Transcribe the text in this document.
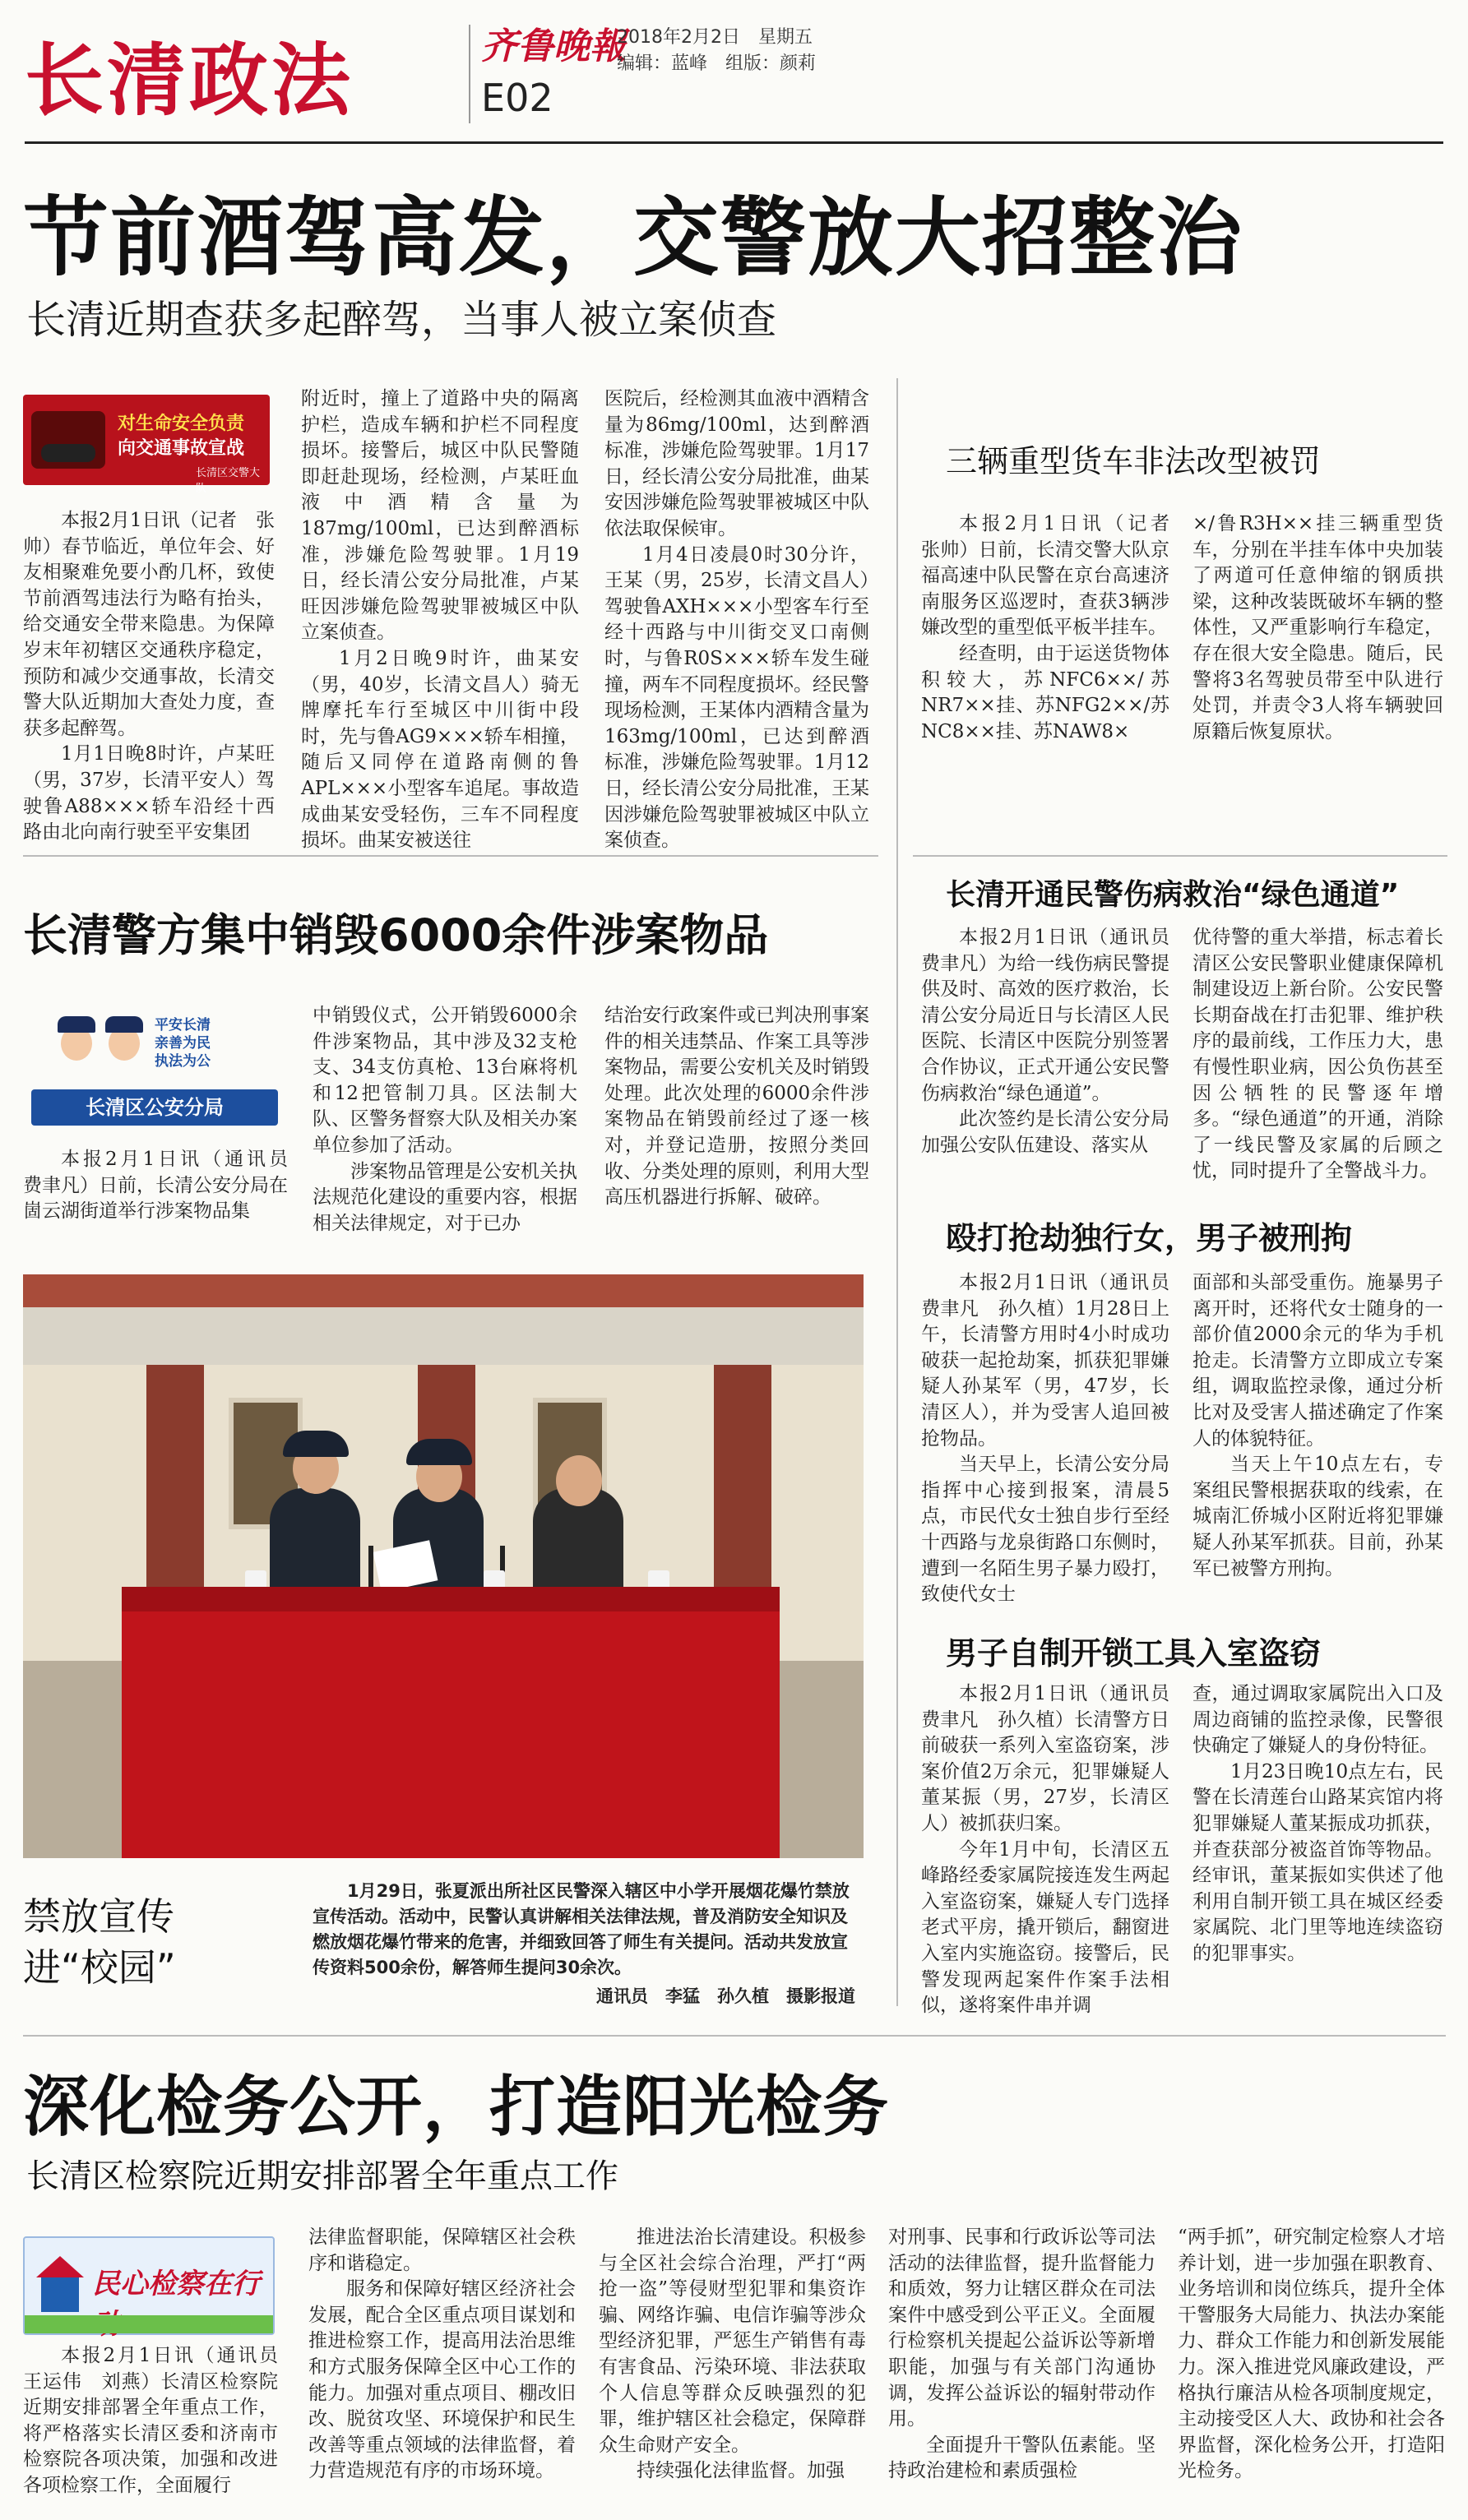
长清政法	齐鲁晚報
2018年2月2日　星期五
编辑：蓝峰　组版：颜莉
E02
节前酒驾高发，交警放大招整治
长清近期查获多起醉驾，当事人被立案侦查
对生命安全负责
向交通事故宣战
长清区交警大队

本报2月1日讯（记者　张帅）春节临近，单位年会、好友相聚难免要小酌几杯，致使节前酒驾违法行为略有抬头，给交通安全带来隐患。为保障岁末年初辖区交通秩序稳定，预防和减少交通事故，长清交警大队近期加大查处力度，查获多起醉驾。

1月1日晚8时许，卢某旺（男，37岁，长清平安人）驾驶鲁A88×××轿车沿经十西路由北向南行驶至平安集团

附近时，撞上了道路中央的隔离护栏，造成车辆和护栏不同程度损坏。接警后，城区中队民警随即赶赴现场，经检测，卢某旺血液中酒精含量为187mg/100ml，已达到醉酒标准，涉嫌危险驾驶罪。1月19日，经长清公安分局批准，卢某旺因涉嫌危险驾驶罪被城区中队立案侦查。

1月2日晚9时许，曲某安（男，40岁，长清文昌人）骑无牌摩托车行至城区中川街中段时，先与鲁AG9×××轿车相撞，随后又同停在道路南侧的鲁APL×××小型客车追尾。事故造成曲某安受轻伤，三车不同程度损坏。曲某安被送往

医院后，经检测其血液中酒精含量为86mg/100ml，达到醉酒标准，涉嫌危险驾驶罪。1月17日，经长清公安分局批准，曲某安因涉嫌危险驾驶罪被城区中队依法取保候审。

1月4日凌晨0时30分许，王某（男，25岁，长清文昌人）驾驶鲁AXH×××小型客车行至经十西路与中川街交叉口南侧时，与鲁R0S×××轿车发生碰撞，两车不同程度损坏。经民警现场检测，王某体内酒精含量为163mg/100ml，已达到醉酒标准，涉嫌危险驾驶罪。1月12日，经长清公安分局批准，王某因涉嫌危险驾驶罪被城区中队立案侦查。

三辆重型货车非法改型被罚

本报2月1日讯（记者　张帅）日前，长清交警大队京福高速中队民警在京台高速济南服务区巡逻时，查获3辆涉嫌改型的重型低平板半挂车。

经查明，由于运送货物体积较大，苏NFC6××/苏NR7××挂、苏NFG2××/苏NC8××挂、苏NAW8×

×/鲁R3H××挂三辆重型货车，分别在半挂车体中央加装了两道可任意伸缩的钢质拱梁，这种改装既破坏车辆的整体性，又严重影响行车稳定，存在很大安全隐患。随后，民警将3名驾驶员带至中队进行处罚，并责令3人将车辆驶回原籍后恢复原状。

长清警方集中销毁6000余件涉案物品
平安长清
亲善为民
执法为公
长清区公安分局

本报2月1日讯（通讯员　费聿凡）日前，长清公安分局在崮云湖街道举行涉案物品集

中销毁仪式，公开销毁6000余件涉案物品，其中涉及32支枪支、34支仿真枪、13台麻将机和12把管制刀具。区法制大队、区警务督察大队及相关办案单位参加了活动。

涉案物品管理是公安机关执法规范化建设的重要内容，根据相关法律规定，对于已办

结治安行政案件或已判决刑事案件的相关违禁品、作案工具等涉案物品，需要公安机关及时销毁处理。此次处理的6000余件涉案物品在销毁前经过了逐一核对，并登记造册，按照分类回收、分类处理的原则，利用大型高压机器进行拆解、破碎。

长清开通民警伤病救治“绿色通道”

本报2月1日讯（通讯员　费聿凡）为给一线伤病民警提供及时、高效的医疗救治，长清公安分局近日与长清区人民医院、长清区中医院分别签署合作协议，正式开通公安民警伤病救治“绿色通道”。

此次签约是长清公安分局加强公安队伍建设、落实从

优待警的重大举措，标志着长清区公安民警职业健康保障机制建设迈上新台阶。公安民警长期奋战在打击犯罪、维护秩序的最前线，工作压力大，患有慢性职业病，因公负伤甚至因公牺牲的民警逐年增多。“绿色通道”的开通，消除了一线民警及家属的后顾之忧，同时提升了全警战斗力。

殴打抢劫独行女，男子被刑拘

本报2月1日讯（通讯员　费聿凡　孙久植）1月28日上午，长清警方用时4小时成功破获一起抢劫案，抓获犯罪嫌疑人孙某军（男，47岁，长清区人），并为受害人追回被抢物品。

当天早上，长清公安分局指挥中心接到报案，清晨5点，市民代女士独自步行至经十西路与龙泉街路口东侧时，遭到一名陌生男子暴力殴打，致使代女士

面部和头部受重伤。施暴男子离开时，还将代女士随身的一部价值2000余元的华为手机抢走。长清警方立即成立专案组，调取监控录像，通过分析比对及受害人描述确定了作案人的体貌特征。

当天上午10点左右，专案组民警根据获取的线索，在城南汇侨城小区附近将犯罪嫌疑人孙某军抓获。目前，孙某军已被警方刑拘。

男子自制开锁工具入室盗窃

本报2月1日讯（通讯员　费聿凡　孙久植）长清警方日前破获一系列入室盗窃案，涉案价值2万余元，犯罪嫌疑人董某振（男，27岁，长清区人）被抓获归案。

今年1月中旬，长清区五峰路经委家属院接连发生两起入室盗窃案，嫌疑人专门选择老式平房，撬开锁后，翻窗进入室内实施盗窃。接警后，民警发现两起案件作案手法相似，遂将案件串并调

查，通过调取家属院出入口及周边商铺的监控录像，民警很快确定了嫌疑人的身份特征。

1月23日晚10点左右，民警在长清莲台山路某宾馆内将犯罪嫌疑人董某振成功抓获，并查获部分被盗首饰等物品。经审讯，董某振如实供述了他利用自制开锁工具在城区经委家属院、北门里等地连续盗窃的犯罪事实。

禁放宣传
进“校园”

1月29日，张夏派出所社区民警深入辖区中小学开展烟花爆竹禁放宣传活动。活动中，民警认真讲解相关法律法规，普及消防安全知识及燃放烟花爆竹带来的危害，并细致回答了师生有关提问。活动共发放宣传资料500余份，解答师生提问30余次。

通讯员　李猛　孙久植　摄影报道
深化检务公开，打造阳光检务
长清区检察院近期安排部署全年重点工作
民心检察在行

本报2月1日讯（通讯员　王运伟　刘燕）长清区检察院近期安排部署全年重点工作，将严格落实长清区委和济南市检察院各项决策，加强和改进各项检察工作，全面履行

法律监督职能，保障辖区社会秩序和谐稳定。

服务和保障好辖区经济社会发展，配合全区重点项目谋划和推进检察工作，提高用法治思维和方式服务保障全区中心工作的能力。加强对重点项目、棚改旧改、脱贫攻坚、环境保护和民生改善等重点领域的法律监督，着力营造规范有序的市场环境。

推进法治长清建设。积极参与全区社会综合治理，严打“两抢一盗”等侵财型犯罪和集资诈骗、网络诈骗、电信诈骗等涉众型经济犯罪，严惩生产销售有毒有害食品、污染环境、非法获取个人信息等群众反映强烈的犯罪，维护辖区社会稳定，保障群众生命财产安全。

持续强化法律监督。加强

对刑事、民事和行政诉讼等司法活动的法律监督，提升监督能力和质效，努力让辖区群众在司法案件中感受到公平正义。全面履行检察机关提起公益诉讼等新增职能，加强与有关部门沟通协调，发挥公益诉讼的辐射带动作用。

全面提升干警队伍素能。坚持政治建检和素质强检

“两手抓”，研究制定检察人才培养计划，进一步加强在职教育、业务培训和岗位练兵，提升全体干警服务大局能力、执法办案能力、群众工作能力和创新发展能力。深入推进党风廉政建设，严格执行廉洁从检各项制度规定，主动接受区人大、政协和社会各界监督，深化检务公开，打造阳光检务。
